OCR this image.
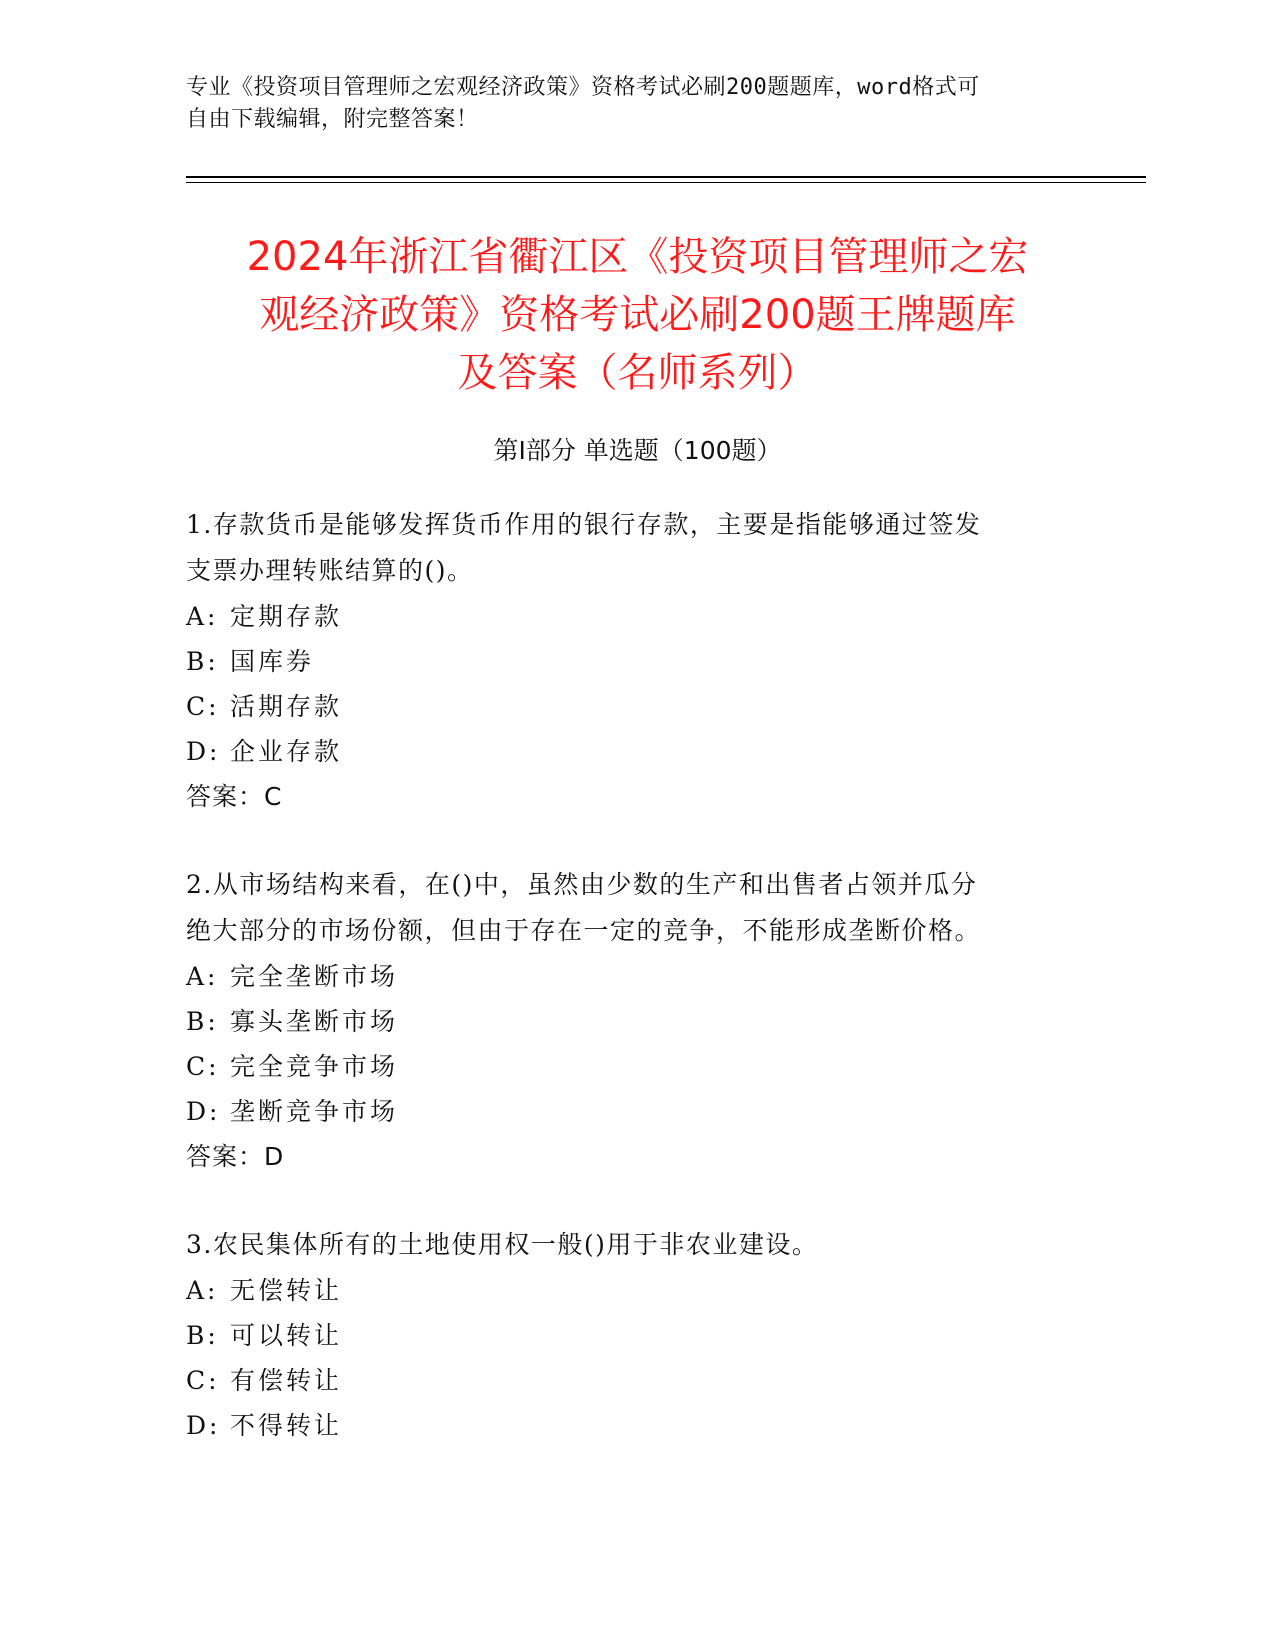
专业《投资项目管理师之宏观经济政策》资格考试必刷200题题库，word格式可
自由下载编辑，附完整答案！
2024年浙江省衢江区《投资项目管理师之宏
观经济政策》资格考试必刷200题王牌题库
及答案（名师系列）
第Ⅰ部分 单选题（100题）
1.存款货币是能够发挥货币作用的银行存款，主要是指能够通过签发
支票办理转账结算的()。
A: 定期存款
B: 国库券
C: 活期存款
D: 企业存款
答案：C
2.从市场结构来看，在()中，虽然由少数的生产和出售者占领并瓜分
绝大部分的市场份额，但由于存在一定的竞争，不能形成垄断价格。
A: 完全垄断市场
B: 寡头垄断市场
C: 完全竞争市场
D: 垄断竞争市场
答案：D
3.农民集体所有的土地使用权一般()用于非农业建设。
A: 无偿转让
B: 可以转让
C: 有偿转让
D: 不得转让
